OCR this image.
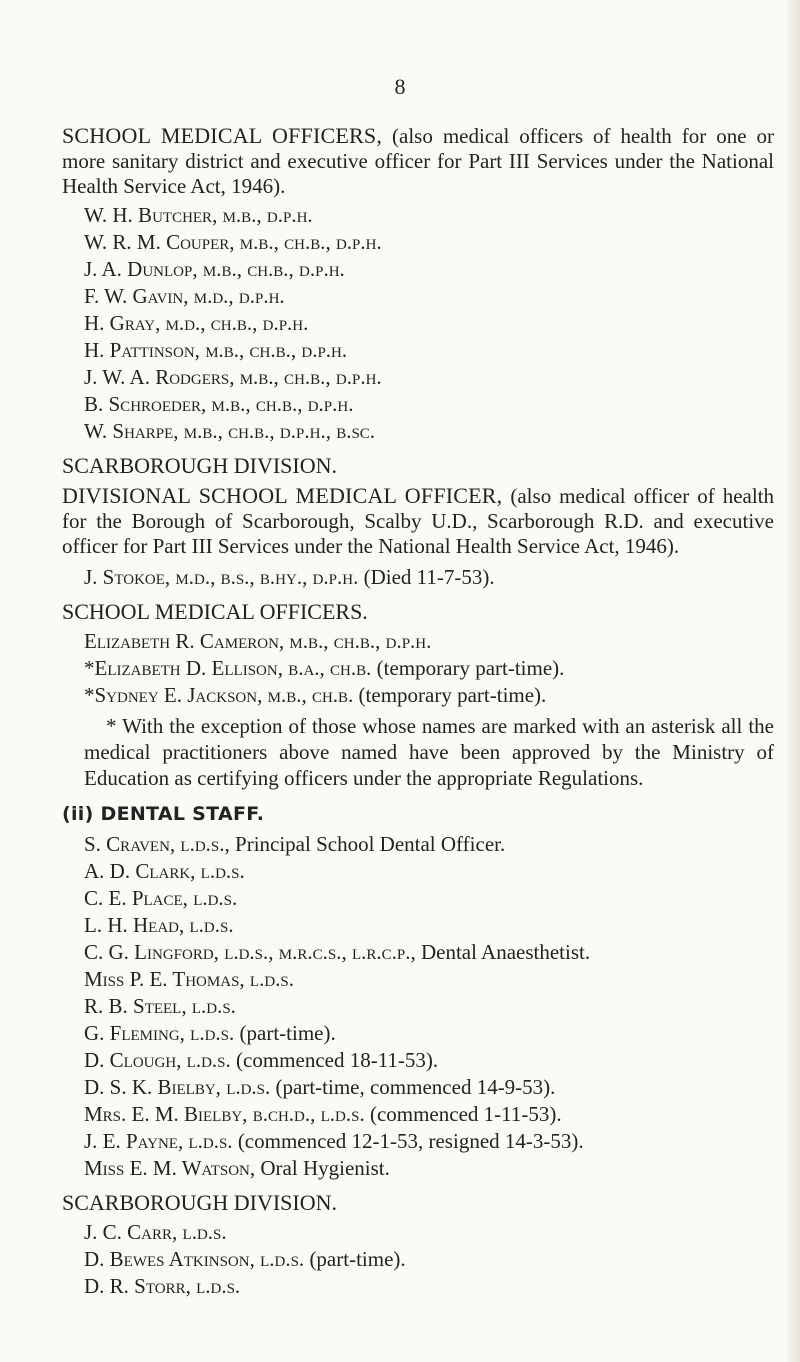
8

SCHOOL MEDICAL OFFICERS, (also medical officers of health for one or more sanitary district and executive officer for Part III Services under the National Health Service Act, 1946).

W. H. Butcher, m.b., d.p.h.
W. R. M. Couper, m.b., ch.b., d.p.h.
J. A. Dunlop, m.b., ch.b., d.p.h.
F. W. Gavin, m.d., d.p.h.
H. Gray, m.d., ch.b., d.p.h.
H. Pattinson, m.b., ch.b., d.p.h.
J. W. A. Rodgers, m.b., ch.b., d.p.h.
B. Schroeder, m.b., ch.b., d.p.h.
W. Sharpe, m.b., ch.b., d.p.h., b.sc.

SCARBOROUGH DIVISION.

DIVISIONAL SCHOOL MEDICAL OFFICER, (also medical officer of health for the Borough of Scarborough, Scalby U.D., Scarborough R.D. and executive officer for Part III Services under the National Health Service Act, 1946).

J. Stokoe, m.d., b.s., b.hy., d.p.h. (Died 11-7-53).

SCHOOL MEDICAL OFFICERS.

Elizabeth R. Cameron, m.b., ch.b., d.p.h.
*Elizabeth D. Ellison, b.a., ch.b. (temporary part-time).
*Sydney E. Jackson, m.b., ch.b. (temporary part-time).

* With the exception of those whose names are marked with an asterisk all the medical practitioners above named have been approved by the Ministry of Education as certifying officers under the appropriate Regulations.

(ii) DENTAL STAFF.

S. Craven, l.d.s., Principal School Dental Officer.
A. D. Clark, l.d.s.
C. E. Place, l.d.s.
L. H. Head, l.d.s.
C. G. Lingford, l.d.s., m.r.c.s., l.r.c.p., Dental Anaesthetist.
Miss P. E. Thomas, l.d.s.
R. B. Steel, l.d.s.
G. Fleming, l.d.s. (part-time).
D. Clough, l.d.s. (commenced 18-11-53).
D. S. K. Bielby, l.d.s. (part-time, commenced 14-9-53).
Mrs. E. M. Bielby, b.ch.d., l.d.s. (commenced 1-11-53).
J. E. Payne, l.d.s. (commenced 12-1-53, resigned 14-3-53).
Miss E. M. Watson, Oral Hygienist.

SCARBOROUGH DIVISION.

J. C. Carr, l.d.s.
D. Bewes Atkinson, l.d.s. (part-time).
D. R. Storr, l.d.s.
